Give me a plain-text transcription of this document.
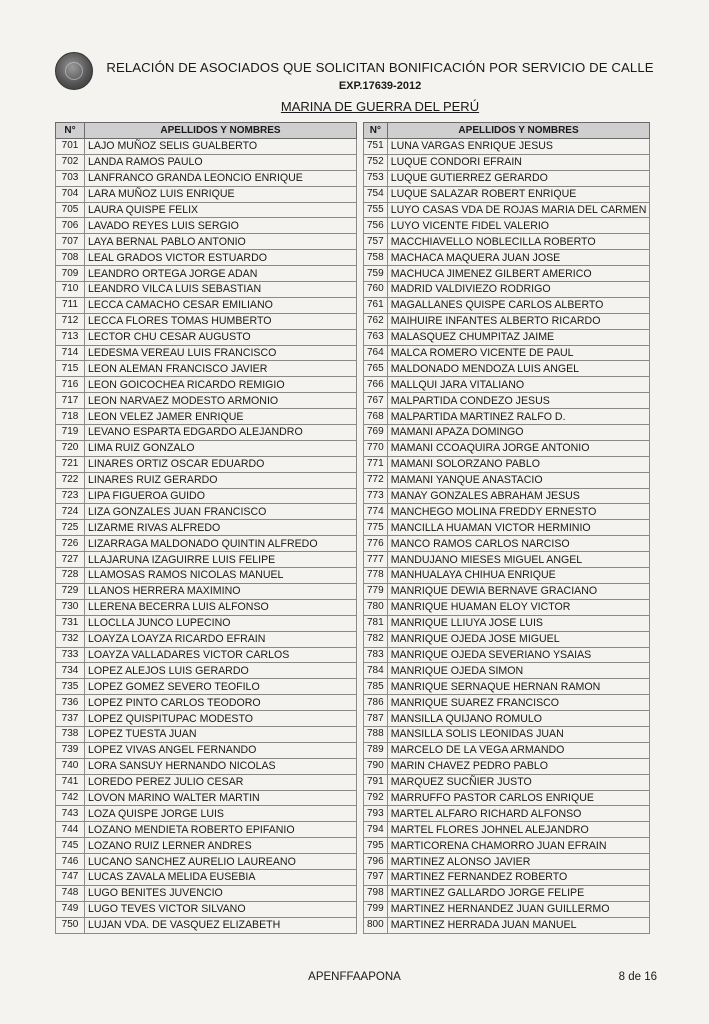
RELACIÓN DE ASOCIADOS QUE SOLICITAN BONIFICACIÓN POR SERVICIO DE CALLE
EXP.17639-2012
MARINA DE GUERRA DEL PERÚ
N°	APELLIDOS Y NOMBRES
701	LAJO MUÑOZ SELIS GUALBERTO
702	LANDA RAMOS PAULO
703	LANFRANCO GRANDA LEONCIO ENRIQUE
704	LARA MUÑOZ LUIS ENRIQUE
705	LAURA QUISPE FELIX
706	LAVADO REYES LUIS SERGIO
707	LAYA BERNAL PABLO ANTONIO
708	LEAL GRADOS VICTOR ESTUARDO
709	LEANDRO ORTEGA JORGE ADAN
710	LEANDRO VILCA LUIS SEBASTIAN
711	LECCA CAMACHO CESAR EMILIANO
712	LECCA FLORES TOMAS HUMBERTO
713	LECTOR CHU CESAR AUGUSTO
714	LEDESMA VEREAU LUIS FRANCISCO
715	LEON ALEMAN FRANCISCO JAVIER
716	LEON GOICOCHEA RICARDO REMIGIO
717	LEON NARVAEZ MODESTO ARMONIO
718	LEON VELEZ JAMER ENRIQUE
719	LEVANO ESPARTA EDGARDO ALEJANDRO
720	LIMA RUIZ GONZALO
721	LINARES ORTIZ OSCAR EDUARDO
722	LINARES RUIZ GERARDO
723	LIPA FIGUEROA GUIDO
724	LIZA GONZALES JUAN FRANCISCO
725	LIZARME RIVAS ALFREDO
726	LIZARRAGA MALDONADO QUINTIN ALFREDO
727	LLAJARUNA IZAGUIRRE LUIS FELIPE
728	LLAMOSAS RAMOS NICOLAS MANUEL
729	LLANOS HERRERA MAXIMINO
730	LLERENA BECERRA LUIS ALFONSO
731	LLOCLLA JUNCO LUPECINO
732	LOAYZA LOAYZA RICARDO EFRAIN
733	LOAYZA VALLADARES VICTOR CARLOS
734	LOPEZ ALEJOS LUIS GERARDO
735	LOPEZ GOMEZ SEVERO TEOFILO
736	LOPEZ PINTO CARLOS TEODORO
737	LOPEZ QUISPITUPAC MODESTO
738	LOPEZ TUESTA JUAN
739	LOPEZ VIVAS ANGEL FERNANDO
740	LORA SANSUY HERNANDO NICOLAS
741	LOREDO PEREZ JULIO CESAR
742	LOVON MARINO WALTER MARTIN
743	LOZA QUISPE JORGE LUIS
744	LOZANO MENDIETA ROBERTO EPIFANIO
745	LOZANO RUIZ LERNER ANDRES
746	LUCANO SANCHEZ AURELIO LAUREANO
747	LUCAS ZAVALA MELIDA EUSEBIA
748	LUGO BENITES JUVENCIO
749	LUGO TEVES VICTOR SILVANO
750	LUJAN VDA. DE VASQUEZ ELIZABETH
N°	APELLIDOS Y NOMBRES
751	LUNA VARGAS ENRIQUE JESUS
752	LUQUE CONDORI EFRAIN
753	LUQUE GUTIERREZ GERARDO
754	LUQUE SALAZAR ROBERT ENRIQUE
755	LUYO CASAS VDA DE ROJAS MARIA DEL CARMEN
756	LUYO VICENTE FIDEL VALERIO
757	MACCHIAVELLO NOBLECILLA ROBERTO
758	MACHACA MAQUERA JUAN JOSE
759	MACHUCA JIMENEZ GILBERT AMERICO
760	MADRID VALDIVIEZO RODRIGO
761	MAGALLANES QUISPE CARLOS ALBERTO
762	MAIHUIRE INFANTES ALBERTO RICARDO
763	MALASQUEZ CHUMPITAZ JAIME
764	MALCA ROMERO VICENTE DE PAUL
765	MALDONADO MENDOZA LUIS ANGEL
766	MALLQUI JARA VITALIANO
767	MALPARTIDA CONDEZO JESUS
768	MALPARTIDA MARTINEZ RALFO D.
769	MAMANI APAZA DOMINGO
770	MAMANI CCOAQUIRA JORGE ANTONIO
771	MAMANI SOLORZANO PABLO
772	MAMANI YANQUE ANASTACIO
773	MANAY GONZALES ABRAHAM JESUS
774	MANCHEGO MOLINA FREDDY ERNESTO
775	MANCILLA HUAMAN VICTOR HERMINIO
776	MANCO RAMOS CARLOS NARCISO
777	MANDUJANO MIESES MIGUEL ANGEL
778	MANHUALAYA CHIHUA ENRIQUE
779	MANRIQUE DEWIA BERNAVE GRACIANO
780	MANRIQUE HUAMAN ELOY VICTOR
781	MANRIQUE LLIUYA JOSE LUIS
782	MANRIQUE OJEDA JOSE MIGUEL
783	MANRIQUE OJEDA SEVERIANO YSAIAS
784	MANRIQUE OJEDA SIMON
785	MANRIQUE SERNAQUE HERNAN RAMON
786	MANRIQUE SUAREZ FRANCISCO
787	MANSILLA QUIJANO ROMULO
788	MANSILLA SOLIS LEONIDAS JUAN
789	MARCELO DE LA VEGA ARMANDO
790	MARIN CHAVEZ PEDRO PABLO
791	MARQUEZ SUCÑIER JUSTO
792	MARRUFFO PASTOR CARLOS ENRIQUE
793	MARTEL ALFARO RICHARD ALFONSO
794	MARTEL FLORES JOHNEL ALEJANDRO
795	MARTICORENA CHAMORRO JUAN EFRAIN
796	MARTINEZ ALONSO JAVIER
797	MARTINEZ FERNANDEZ ROBERTO
798	MARTINEZ GALLARDO JORGE FELIPE
799	MARTINEZ HERNANDEZ JUAN GUILLERMO
800	MARTINEZ HERRADA JUAN MANUEL
APENFFAAPONA	8 de 16
